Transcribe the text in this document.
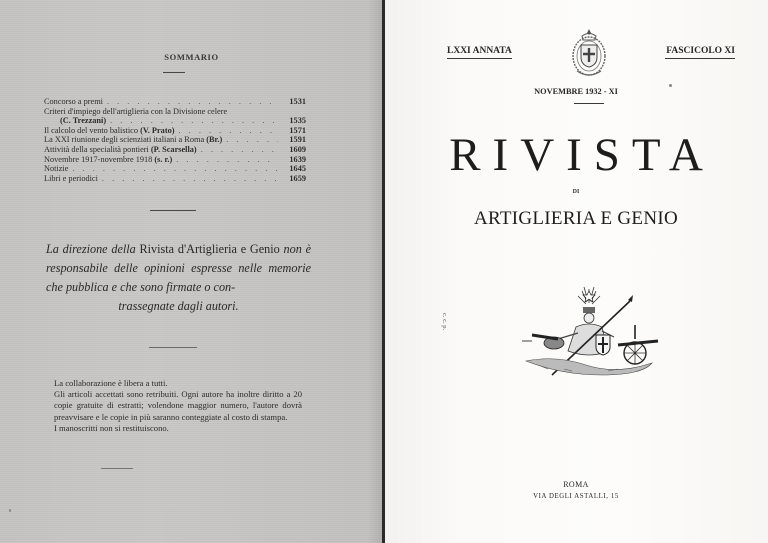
SOMMARIO
Concorso a premi . . .	1531
Criteri d'impiego dell'artiglieria con la Divisione celere
(C. Trezzani) . . .	1535
Il calcolo del vento balistico (V. Prato) . . .	1571
La XXI riunione degli scienziati italiani a Roma (Br.) . . .	1591
Attività della specialità pontieri (P. Scarsella) . . .	1609
Novembre 1917-novembre 1918 (s. r.) . . .	1639
Notizie . . .	1645
Libri e periodici . . .	1659
La direzione della Rivista d'Artiglieria e Genio non è responsabile delle opinioni espresse nelle memorie che pubblica e che sono firmate o con-
trassegnate dagli autori.

La collaborazione è libera a tutti.

Gli articoli accettati sono retribuiti. Ogni autore ha inoltre diritto a 20 copie gratuite di estratti; volendone maggior numero, l'autore dovrà preavvisare e le copie in più saranno conteggiate al costo di stampa.

I manoscritti non si restituiscono.

LXXI ANNATA	FASCICOLO XI
NOVEMBRE 1932 - XI
RIVISTA
DI
ARTIGLIERIA E GENIO
c. c. p.
ROMA
VIA DEGLI ASTALLI, 15
